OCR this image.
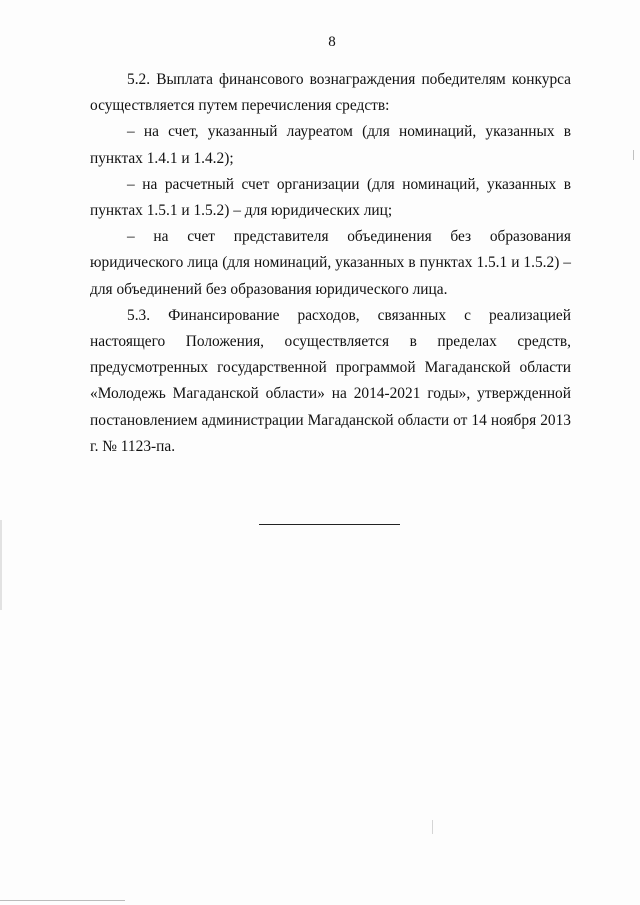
8

5.2. Выплата финансового вознаграждения победителям конкурса осуществляется путем перечисления средств:

– на счет, указанный лауреатом (для номинаций, указанных в пунктах 1.4.1 и 1.4.2);

– на расчетный счет организации (для номинаций, указанных в пунктах 1.5.1 и 1.5.2) – для юридических лиц;

– на счет представителя объединения без образования юридического лица (для номинаций, указанных в пунктах 1.5.1 и 1.5.2) – для объединений без образования юридического лица.

5.3. Финансирование расходов, связанных с реализацией настоящего Положения, осуществляется в пределах средств, предусмотренных государственной программой Магаданской области «Молодежь Магаданской области» на 2014-2021 годы», утвержденной постановлением администрации Магаданской области от 14 ноября 2013 г. № 1123-па.
